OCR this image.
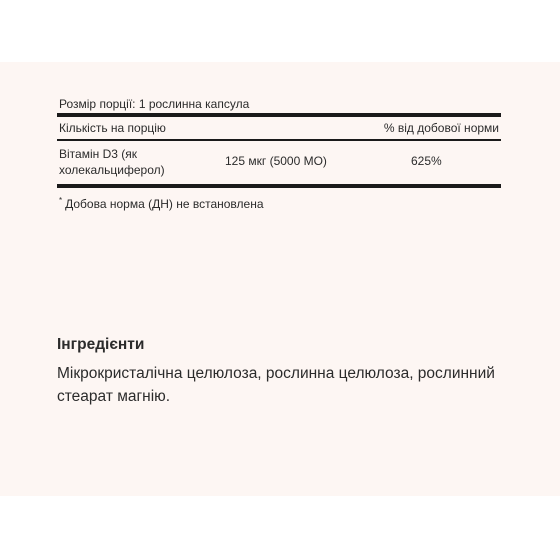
Розмір порції: 1 рослинна капсула
Кількість на порцію	% від добової норми
Вітамін D3 (як холекальциферол)
125 мкг (5000 МО)	625%
* Добова норма (ДН) не встановлена
Інгредієнти
Мікрокристалічна целюлоза, рослинна целюлоза, рослинний стеарат магнію.
